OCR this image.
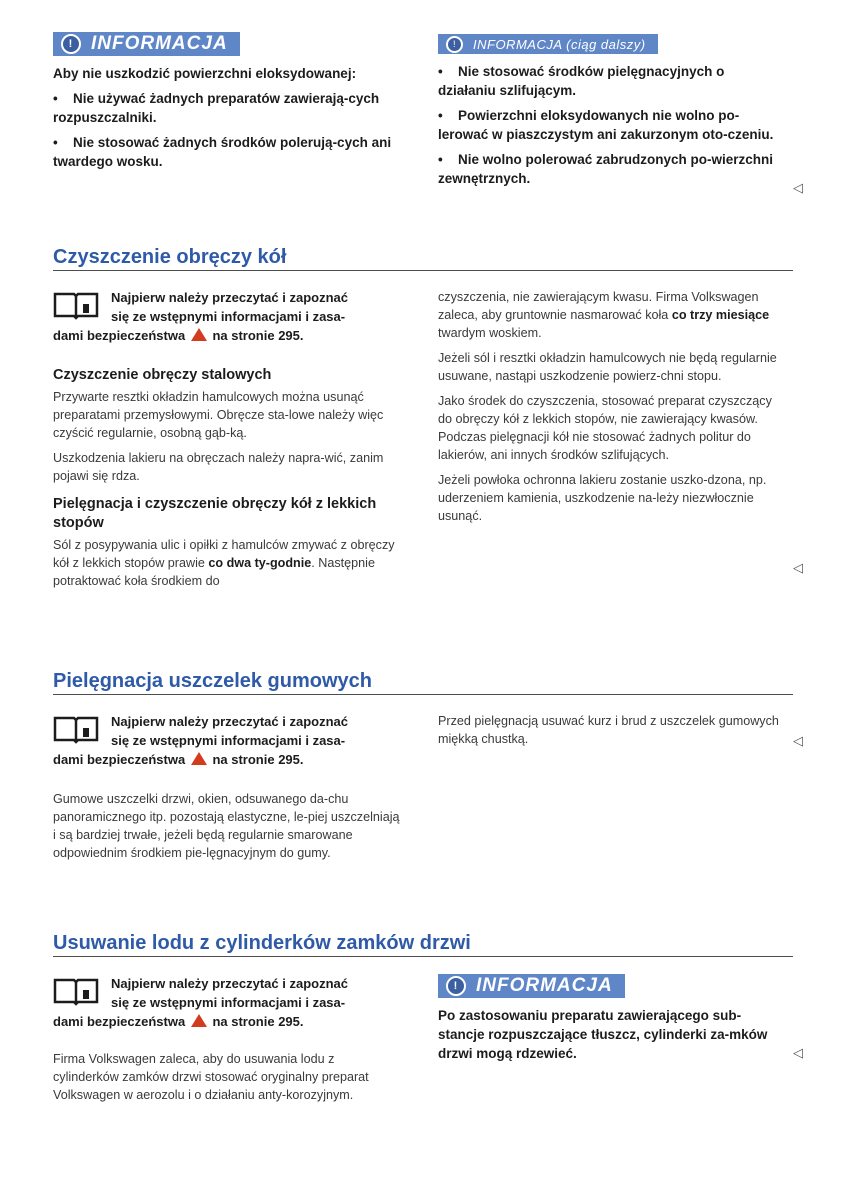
! INFORMACJA
Aby nie uszkodzić powierzchni eloksydowanej:
• Nie używać żadnych preparatów zawierają-cych rozpuszczalniki.
• Nie stosować żadnych środków polerują-cych ani twardego wosku.
!	INFORMACJA (ciąg dalszy)
• Nie stosować środków pielęgnacyjnych o działaniu szlifującym.
• Powierzchni eloksydowanych nie wolno po-lerować w piaszczystym ani zakurzonym oto-czeniu.
• Nie wolno polerować zabrudzonych po-wierzchni zewnętrznych.
◁
Czyszczenie obręczy kół
Najpierw należy przeczytać i zapoznać
się ze wstępnymi informacjami i zasa-
dami bezpieczeństwa na stronie 295.
Czyszczenie obręczy stalowych

Przywarte resztki okładzin hamulcowych można usunąć preparatami przemysłowymi. Obręcze sta-lowe należy więc czyścić regularnie, osobną gąb-ką.

Uszkodzenia lakieru na obręczach należy napra-wić, zanim pojawi się rdza.

Pielęgnacja i czyszczenie obręczy kół z lekkich stopów

Sól z posypywania ulic i opiłki z hamulców zmywać z obręczy kół z lekkich stopów prawie co dwa ty-godnie. Następnie potraktować koła środkiem do

czyszczenia, nie zawierającym kwasu. Firma Volkswagen zaleca, aby gruntownie nasmarować koła co trzy miesiące twardym woskiem.

Jeżeli sól i resztki okładzin hamulcowych nie będą regularnie usuwane, nastąpi uszkodzenie powierz-chni stopu.

Jako środek do czyszczenia, stosować preparat czyszczący do obręczy kół z lekkich stopów, nie zawierający kwasów. Podczas pielęgnacji kół nie stosować żadnych politur do lakierów, ani innych środków szlifujących.

Jeżeli powłoka ochronna lakieru zostanie uszko-dzona, np. uderzeniem kamienia, uszkodzenie na-leży niezwłocznie usunąć.

◁
Pielęgnacja uszczelek gumowych
Najpierw należy przeczytać i zapoznać
się ze wstępnymi informacjami i zasa-
dami bezpieczeństwa na stronie 295.

Gumowe uszczelki drzwi, okien, odsuwanego da-chu panoramicznego itp. pozostają elastyczne, le-piej uszczelniają i są bardziej trwałe, jeżeli będą regularnie smarowane odpowiednim środkiem pie-lęgnacyjnym do gumy.

Przed pielęgnacją usuwać kurz i brud z uszczelek gumowych miękką chustką.	◁
Usuwanie lodu z cylinderków zamków drzwi
Najpierw należy przeczytać i zapoznać
się ze wstępnymi informacjami i zasa-
dami bezpieczeństwa na stronie 295.

Firma Volkswagen zaleca, aby do usuwania lodu z cylinderków zamków drzwi stosować oryginalny preparat Volkswagen w aerozolu i o działaniu anty-korozyjnym.

! INFORMACJA
Po zastosowaniu preparatu zawierającego sub-stancje rozpuszczające tłuszcz, cylinderki za-mków drzwi mogą rdzewieć.	◁
